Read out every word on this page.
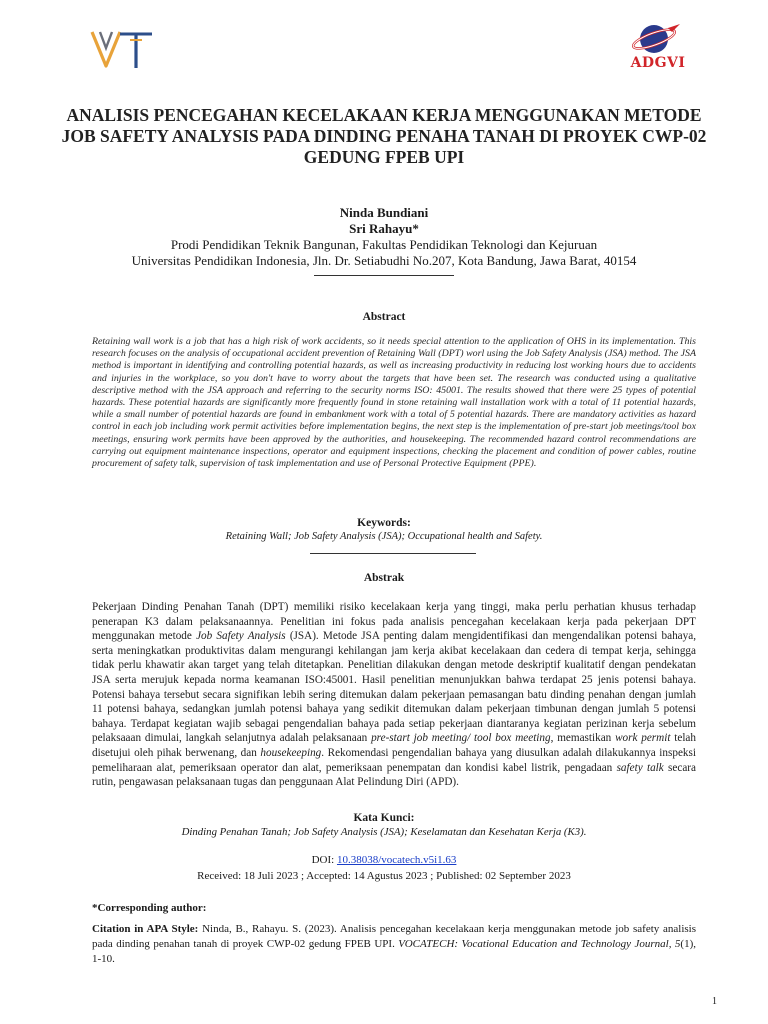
ADGVI
ANALISIS PENCEGAHAN KECELAKAAN KERJA MENGGUNAKAN METODE JOB SAFETY ANALYSIS PADA DINDING PENAHA TANAH DI PROYEK CWP-02 GEDUNG FPEB UPI
Ninda Bundiani
Sri Rahayu*
Prodi Pendidikan Teknik Bangunan, Fakultas Pendidikan Teknologi dan Kejuruan
Universitas Pendidikan Indonesia, Jln. Dr. Setiabudhi No.207, Kota Bandung, Jawa Barat, 40154
Abstract
Retaining wall work is a job that has a high risk of work accidents, so it needs special attention to the application of OHS in its implementation. This research focuses on the analysis of occupational accident prevention of Retaining Wall (DPT) worl using the Job Safety Analysis (JSA) method. The JSA method is important in identifying and controlling potential hazards, as well as increasing productivity in reducing lost working hours due to accidents and injuries in the workplace, so you don't have to worry about the targets that have been set. The research was conducted using a qualitative descriptive method with the JSA approach and referring to the security norms ISO: 45001. The results showed that there were 25 types of potential hazards. These potential hazards are significantly more frequently found in stone retaining wall installation work with a total of 11 potential hazards, while a small number of potential hazards are found in embankment work with a total of 5 potential hazards. There are mandatory activities as hazard control in each job including work permit activities before implementation begins, the next step is the implementation of pre-start job meetings/tool box meetings, ensuring work permits have been approved by the authorities, and housekeeping. The recommended hazard control recommendations are carrying out equipment maintenance inspections, operator and equipment inspections, checking the placement and condition of power cables, routine procurement of safety talk, supervision of task implementation and use of Personal Protective Equipment (PPE).
Keywords:
Retaining Wall; Job Safety Analysis (JSA); Occupational health and Safety.
Abstrak
Pekerjaan Dinding Penahan Tanah (DPT) memiliki risiko kecelakaan kerja yang tinggi, maka perlu perhatian khusus terhadap penerapan K3 dalam pelaksanaannya. Penelitian ini fokus pada analisis pencegahan kecelakaan kerja pada pekerjaan DPT menggunakan metode Job Safety Analysis (JSA). Metode JSA penting dalam mengidentifikasi dan mengendalikan potensi bahaya, serta meningkatkan produktivitas dalam mengurangi kehilangan jam kerja akibat kecelakaan dan cedera di tempat kerja, sehingga tidak perlu khawatir akan target yang telah ditetapkan. Penelitian dilakukan dengan metode deskriptif kualitatif dengan pendekatan JSA serta merujuk kepada norma keamanan ISO:45001. Hasil penelitian menunjukkan bahwa terdapat 25 jenis potensi bahaya. Potensi bahaya tersebut secara signifikan lebih sering ditemukan dalam pekerjaan pemasangan batu dinding penahan dengan jumlah 11 potensi bahaya, sedangkan jumlah potensi bahaya yang sedikit ditemukan dalam pekerjaan timbunan dengan jumlah 5 potensi bahaya. Terdapat kegiatan wajib sebagai pengendalian bahaya pada setiap pekerjaan diantaranya kegiatan perizinan kerja sebelum pelaksaaan dimulai, langkah selanjutnya adalah pelaksanaan pre-start job meeting/ tool box meeting, memastikan work permit telah disetujui oleh pihak berwenang, dan housekeeping. Rekomendasi pengendalian bahaya yang diusulkan adalah dilakukannya inspeksi pemeliharaan alat, pemeriksaan operator dan alat, pemeriksaan penempatan dan kondisi kabel listrik, pengadaan safety talk secara rutin, pengawasan pelaksanaan tugas dan penggunaan Alat Pelindung Diri (APD).
Kata Kunci:
Dinding Penahan Tanah; Job Safety Analysis (JSA); Keselamatan dan Kesehatan Kerja (K3).
DOI: 10.38038/vocatech.v5i1.63
Received: 18 Juli 2023 ; Accepted: 14 Agustus 2023 ; Published: 02 September 2023
*Corresponding author:
Citation in APA Style: Ninda, B., Rahayu. S. (2023). Analisis pencegahan kecelakaan kerja menggunakan metode job safety analisis pada dinding penahan tanah di proyek CWP-02 gedung FPEB UPI. VOCATECH: Vocational Education and Technology Journal, 5(1), 1-10.
1
